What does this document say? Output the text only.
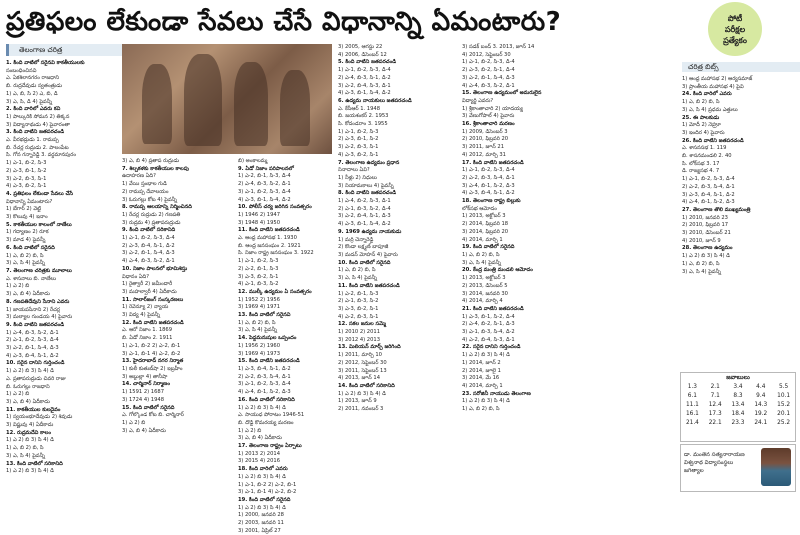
ప్రతిఫలం లేకుండా సేవలు చేసే విధానాన్ని ఏమంటారు?	పోటీ
పరీక్షల
ప్రత్యేకం
తెలంగాణ చరిత్ర
చరిత్ర బిట్స్

1. కింది వాటిలో సరైనవి కాకతీయులకు

సంబంధించినవి

ఎ. ఏకశిలానగరం రాజధాని

బి. రుద్రదేవుడు స్వతంత్రుడు

1) ఎ, బి, సి 2) ఎ, బి, డి

3) ఎ, సి, డి 4) పైవన్నీ

2. కింది వారిలో ఎవరు కవి

1) పాల్కురికి సోమన 2) తిక్కన

3) విద్యానాథుడు 4) పైవారంతా

3. కింది వాటిని జతపరచండి

ఎ. వీరభద్రుడు 1. రామప్ప

బి. రేచర్ల రుద్రుడు 2. పాలంపేట

సి. గోన గన్నారెడ్డి 3. వర్ధమానపురం

1) ఎ-1, బి-2, సి-3

2) ఎ-3, బి-1, సి-2

3) ఎ-2, బి-3, సి-1

4) ఎ-3, బి-2, సి-1

4. ప్రతిఫలం లేకుండా సేవలు చేసే

విధానాన్ని ఏమంటారు?

1) బేగార్ 2) వెట్టి

3) కొలువు 4) ఇనాం

5. కాకతీయుల కాలంలో నాణేలు

1) గద్యాణం 2) రూక

3) మాడ 4) పైవన్నీ

6. కింది వాటిలో సరైనది

1) ఎ, బి 2) బి, సి

3) ఎ, సి 4) పైవన్నీ

7. తెలంగాణ చరిత్రకు మూలాలు

ఎ. శాసనాలు బి. నాణేలు

1) ఎ 2) బి

3) ఎ, బి 4) ఏదీకాదు

8. గణపతిదేవుని సేనాని ఎవరు

1) జాయపసేనాని 2) రేచర్ల

3) మల్యాల గుండయ 4) పైవారు

9. కింది వాటిని జతపరచండి

1) ఎ-4, బి-3, సి-2, డి-1

2) ఎ-1, బి-2, సి-3, డి-4

3) ఎ-2, బి-1, సి-4, డి-3

4) ఎ-3, బి-4, సి-1, డి-2

10. సరైన దానిని గుర్తించండి

1) ఎ 2) బి 3) సి 4) డి

ఎ. ప్రతాపరుద్రుడు చివరి రాజు

బి. ఓరుగల్లు రాజధాని

1) ఎ 2) బి

3) ఎ, బి 4) ఏదీకాదు

11. కాకతీయుల కులదైవం

1) స్వయంభూదేవుడు 2) శివుడు

3) విష్ణువు 4) ఏదీకాదు

12. రుద్రమదేవి కాలం

1) ఎ 2) బి 3) సి 4) డి

1) ఎ, బి 2) బి, సి

3) ఎ, సి 4) పైవన్నీ

13. కింది వాటిలో సరికానిది

1) ఎ 2) బి 3) సి 4) డి

3) ఎ, బి 4) ప్రతాప రుద్రుడు

7. శిల్పకళకు కాకతీయుల కాలపు

ఉదాహరణ ఏది?

1) వేయి స్తంభాల గుడి

2) రామప్ప దేవాలయం

3) ఓరుగల్లు కోట 4) పైవన్నీ

8. రామప్ప ఆలయాన్ని నిర్మించినది

1) రేచర్ల రుద్రుడు 2) గణపతి

3) రుద్రమ 4) ప్రతాపరుద్రుడు

9. కింది వాటిలో సరికానిది

1) ఎ-1, బి-2, సి-3, డి-4

2) ఎ-3, బి-4, సి-1, డి-2

3) ఎ-2, బి-1, సి-4, డి-3

4) ఎ-4, బి-3, సి-2, డి-1

10. నిజాం పాలనలో భూమిశిస్తు

విధానం ఏది?

1) రైత్వారీ 2) జమీందారీ

3) మహల్వారీ 4) ఏదీకాదు

11. సాలార్‌జంగ్ సంస్కరణలు

1) రెవెన్యూ 2) న్యాయ

3) విద్య 4) పైవన్నీ

12. కింది వాటిని జతపరచండి

ఎ. ఆరో నిజాం 1. 1869

బి. ఏడో నిజాం 2. 1911

1) ఎ-1, బి-2 2) ఎ-2, బి-1

3) ఎ-1, బి-1 4) ఎ-2, బి-2

13. హైదరాబాద్ నగర నిర్మాత

1) కులీ కుతుబ్‌షా 2) ఇబ్రహీం

3) అబ్దుల్లా 4) తానీషా

14. చార్మినార్ నిర్మాణం

1) 1591 2) 1687

3) 1724 4) 1948

15. కింది వాటిలో సరైనది

ఎ. గోల్కొండ కోట బి. చార్మినార్

1) ఎ 2) బి

3) ఎ, బి 4) ఏదీకాదు

బి) అంకాలమ్మ

9. ఏడో నిజాం పరిపాలనలో

1) ఎ-2, బి-1, సి-3, డి-4

2) ఎ-4, బి-3, సి-2, డి-1

3) ఎ-1, బి-2, సి-3, డి-4

4) ఎ-3, బి-1, సి-4, డి-2

10. పోలీస్ చర్య జరిగిన సంవత్సరం

1) 1946 2) 1947

3) 1948 4) 1950

11. కింది వాటిని జతపరచండి

ఎ. ఆంధ్ర మహాసభ 1. 1930

బి. ఆంధ్ర జనసంఘం 2. 1921

సి. నిజాం రాష్ట్ర జనసంఘం 3. 1922

1) ఎ-1, బి-2, సి-3

2) ఎ-2, బి-1, సి-3

3) ఎ-3, బి-2, సి-1

4) ఎ-1, బి-3, సి-2

12. ముల్కీ ఉద్యమం ఏ సంవత్సరం

1) 1952 2) 1956

3) 1969 4) 1971

13. కింది వాటిలో సరైనవి

1) ఎ, బి 2) బి, సి

3) ఎ, సి 4) పైవన్నీ

14. పెద్దమనుషుల ఒప్పందం

1) 1956 2) 1960

3) 1969 4) 1973

15. కింది వాటిని జతపరచండి

1) ఎ-3, బి-4, సి-1, డి-2

2) ఎ-2, బి-3, సి-4, డి-1

3) ఎ-1, బి-2, సి-3, డి-4

4) ఎ-4, బి-1, సి-2, డి-3

16. కింది వాటిలో సరికానిది

1) ఎ 2) బి 3) సి 4) డి

ఎ. సాయుధ పోరాటం 1946-51

బి. దొడ్డి కొమరయ్య మరణం

1) ఎ 2) బి

3) ఎ, బి 4) ఏదీకాదు

17. తెలంగాణ రాష్ట్రం ఏర్పాటు

1) 2013 2) 2014

3) 2015 4) 2016

18. కింది వారిలో ఎవరు

1) ఎ 2) బి 3) సి 4) డి

1) ఎ-1, బి-2 2) ఎ-2, బి-1

3) ఎ-1, బి-1 4) ఎ-2, బి-2

19. కింది వాటిలో సరైనది

1) ఎ 2) బి 3) సి 4) డి

1) 2000, జనవరి 28

2) 2003, జనవరి 11

3) 2001, ఏప్రిల్ 27

3) 2005, ఆగస్టు 22

4) 2006, డిసెంబర్ 12

5. కింది వాటిని జతపరచండి

1) ఎ-1, బి-2, సి-3, డి-4

2) ఎ-4, బి-3, సి-1, డి-2

3) ఎ-2, బి-4, సి-3, డి-1

4) ఎ-3, బి-1, సి-4, డి-2

6. ఉద్యమ నాయకులు జతపరచండి

ఎ. కేసీఆర్ 1. 1948

బి. జయశంకర్ 2. 1953

సి. కోదండరాం 3. 1955

1) ఎ-1, బి-2, సి-3

2) ఎ-3, బి-1, సి-2

3) ఎ-2, బి-3, సి-1

4) ఎ-3, బి-2, సి-1

7. తెలంగాణ ఉద్యమం ప్రధాన

నినాదాలు ఏవి?

1) నీళ్లు 2) నిధులు

3) నియామకాలు 4) పైవన్నీ

8. కింది వాటిని జతపరచండి

1) ఎ-4, బి-2, సి-3, డి-1

2) ఎ-1, బి-3, సి-2, డి-4

3) ఎ-2, బి-4, సి-1, డి-3

4) ఎ-3, బి-1, సి-4, డి-2

9. 1969 ఉద్యమ నాయకుడు

1) మర్రి చెన్నారెడ్డి

2) కొండా లక్ష్మణ్ బాపూజీ

3) మదన్ మోహన్ 4) పైవారు

10. కింది వాటిలో సరైనది

1) ఎ, బి 2) బి, సి

3) ఎ, సి 4) పైవన్నీ

11. కింది వాటిని జతపరచండి

1) ఎ-2, బి-1, సి-3

2) ఎ-1, బి-3, సి-2

3) ఎ-3, బి-2, సి-1

4) ఎ-2, బి-3, సి-1

12. సకల జనుల సమ్మె

1) 2010 2) 2011

3) 2012 4) 2013

13. మిలియన్ మార్చ్ జరిగింది

1) 2011, మార్చి 10

2) 2012, సెప్టెంబర్ 30

3) 2011, సెప్టెంబర్ 13

4) 2013, జూన్ 14

14. కింది వాటిలో సరికానిది

1) ఎ 2) బి 3) సి 4) డి

1) 2013, జూన్ 9

2) 2011, నవంబర్ 3

3) సడక్ బంద్ 3. 2013, జూన్ 14

4) 2012, సెప్టెంబర్ 30

1) ఎ-1, బి-2, సి-3, డి-4

2) ఎ-3, బి-2, సి-1, డి-4

3) ఎ-2, బి-1, సి-4, డి-3

4) ఎ-4, బి-3, సి-2, డి-1

15. తెలంగాణ ఉద్యమంలో అమరులైన

విద్యార్థి ఎవరు?

1) శ్రీకాంతాచారి 2) యాదయ్య

3) వేణుగోపాల్ 4) పైవారు

16. శ్రీకాంతాచారి మరణం

1) 2009, డిసెంబర్ 3

2) 2010, ఫిబ్రవరి 20

3) 2011, జూన్ 21

4) 2012, మార్చి 31

17. కింది వాటిని జతపరచండి

1) ఎ-1, బి-2, సి-3, డి-4

2) ఎ-2, బి-3, సి-4, డి-1

3) ఎ-4, బి-1, సి-2, డి-3

4) ఎ-3, బి-4, సి-1, డి-2

18. తెలంగాణ రాష్ట్ర బిల్లుకు

లోక్‌సభ ఆమోదం

1) 2013, అక్టోబర్ 3

2) 2014, ఫిబ్రవరి 18

3) 2014, ఫిబ్రవరి 20

4) 2014, మార్చి 1

19. కింది వాటిలో సరైనది

1) ఎ, బి 2) బి, సి

3) ఎ, సి 4) పైవన్నీ

20. కేంద్ర మంత్రి మండలి ఆమోదం

1) 2013, అక్టోబర్ 3

2) 2013, డిసెంబర్ 5

3) 2014, జనవరి 30

4) 2014, మార్చి 4

21. కింది వాటిని జతపరచండి

1) ఎ-3, బి-1, సి-2, డి-4

2) ఎ-4, బి-2, సి-1, డి-3

3) ఎ-1, బి-3, సి-4, డి-2

4) ఎ-2, బి-4, సి-3, డి-1

22. సరైన దానిని గుర్తించండి

1) ఎ 2) బి 3) సి 4) డి

1) 2014, జూన్ 2

2) 2014, జూలై 1

3) 2014, మే 16

4) 2014, మార్చి 1

23. సరోజినీ నాయుడు తెలంగాణ

1) ఎ 2) బి 3) సి 4) డి

1) ఎ, బి 2) బి, సి

1) ఆంధ్ర మహాసభ 2) ఆర్యసమాజ్

3) ప్రాంతీయ మహాసభ 4) పైవి

24. కింది వారిలో ఎవరు

1) ఎ, బి 2) బి, సి

3) ఎ, సి 4) ప్రధమ ఎత్తులు

25. ఈ పాలకుడు

1) మోదీ 2) నెహ్రూ

3) ఇందిర 4) పైవారు

26. కింది వాటిని జతపరచండి

ఎ. శాసనసభ 1. 119

బి. శాసనమండలి 2. 40

సి. లోక్‌సభ 3. 17

డి. రాజ్యసభ 4. 7

1) ఎ-1, బి-2, సి-3, డి-4

2) ఎ-2, బి-3, సి-4, డి-1

3) ఎ-3, బి-4, సి-1, డి-2

4) ఎ-4, బి-1, సి-2, డి-3

27. తెలంగాణ తొలి ముఖ్యమంత్రి

1) 2010, జనవరి 23

2) 2010, ఫిబ్రవరి 17

3) 2010, డిసెంబర్ 21

4) 2010, జూన్ 9

28. తెలంగాణ ఉద్యమం

1) ఎ 2) బి 3) సి 4) డి

1) ఎ, బి 2) బి, సి

3) ఎ, సి 4) పైవన్నీ

జవాబులు
1.3	2.1	3.4	4.4	5.5
6.1	7.1	8.3	9.4	10.1
11.1	12.4	13.4	14.3	15.2
16.1	17.3	18.4	19.2	20.1
21.4	22.1	23.3	24.1	25.2
డా. మంతెన సత్యనారాయణ
విశ్వనాథ విద్యాసంస్థలు
జగిత్యాల
